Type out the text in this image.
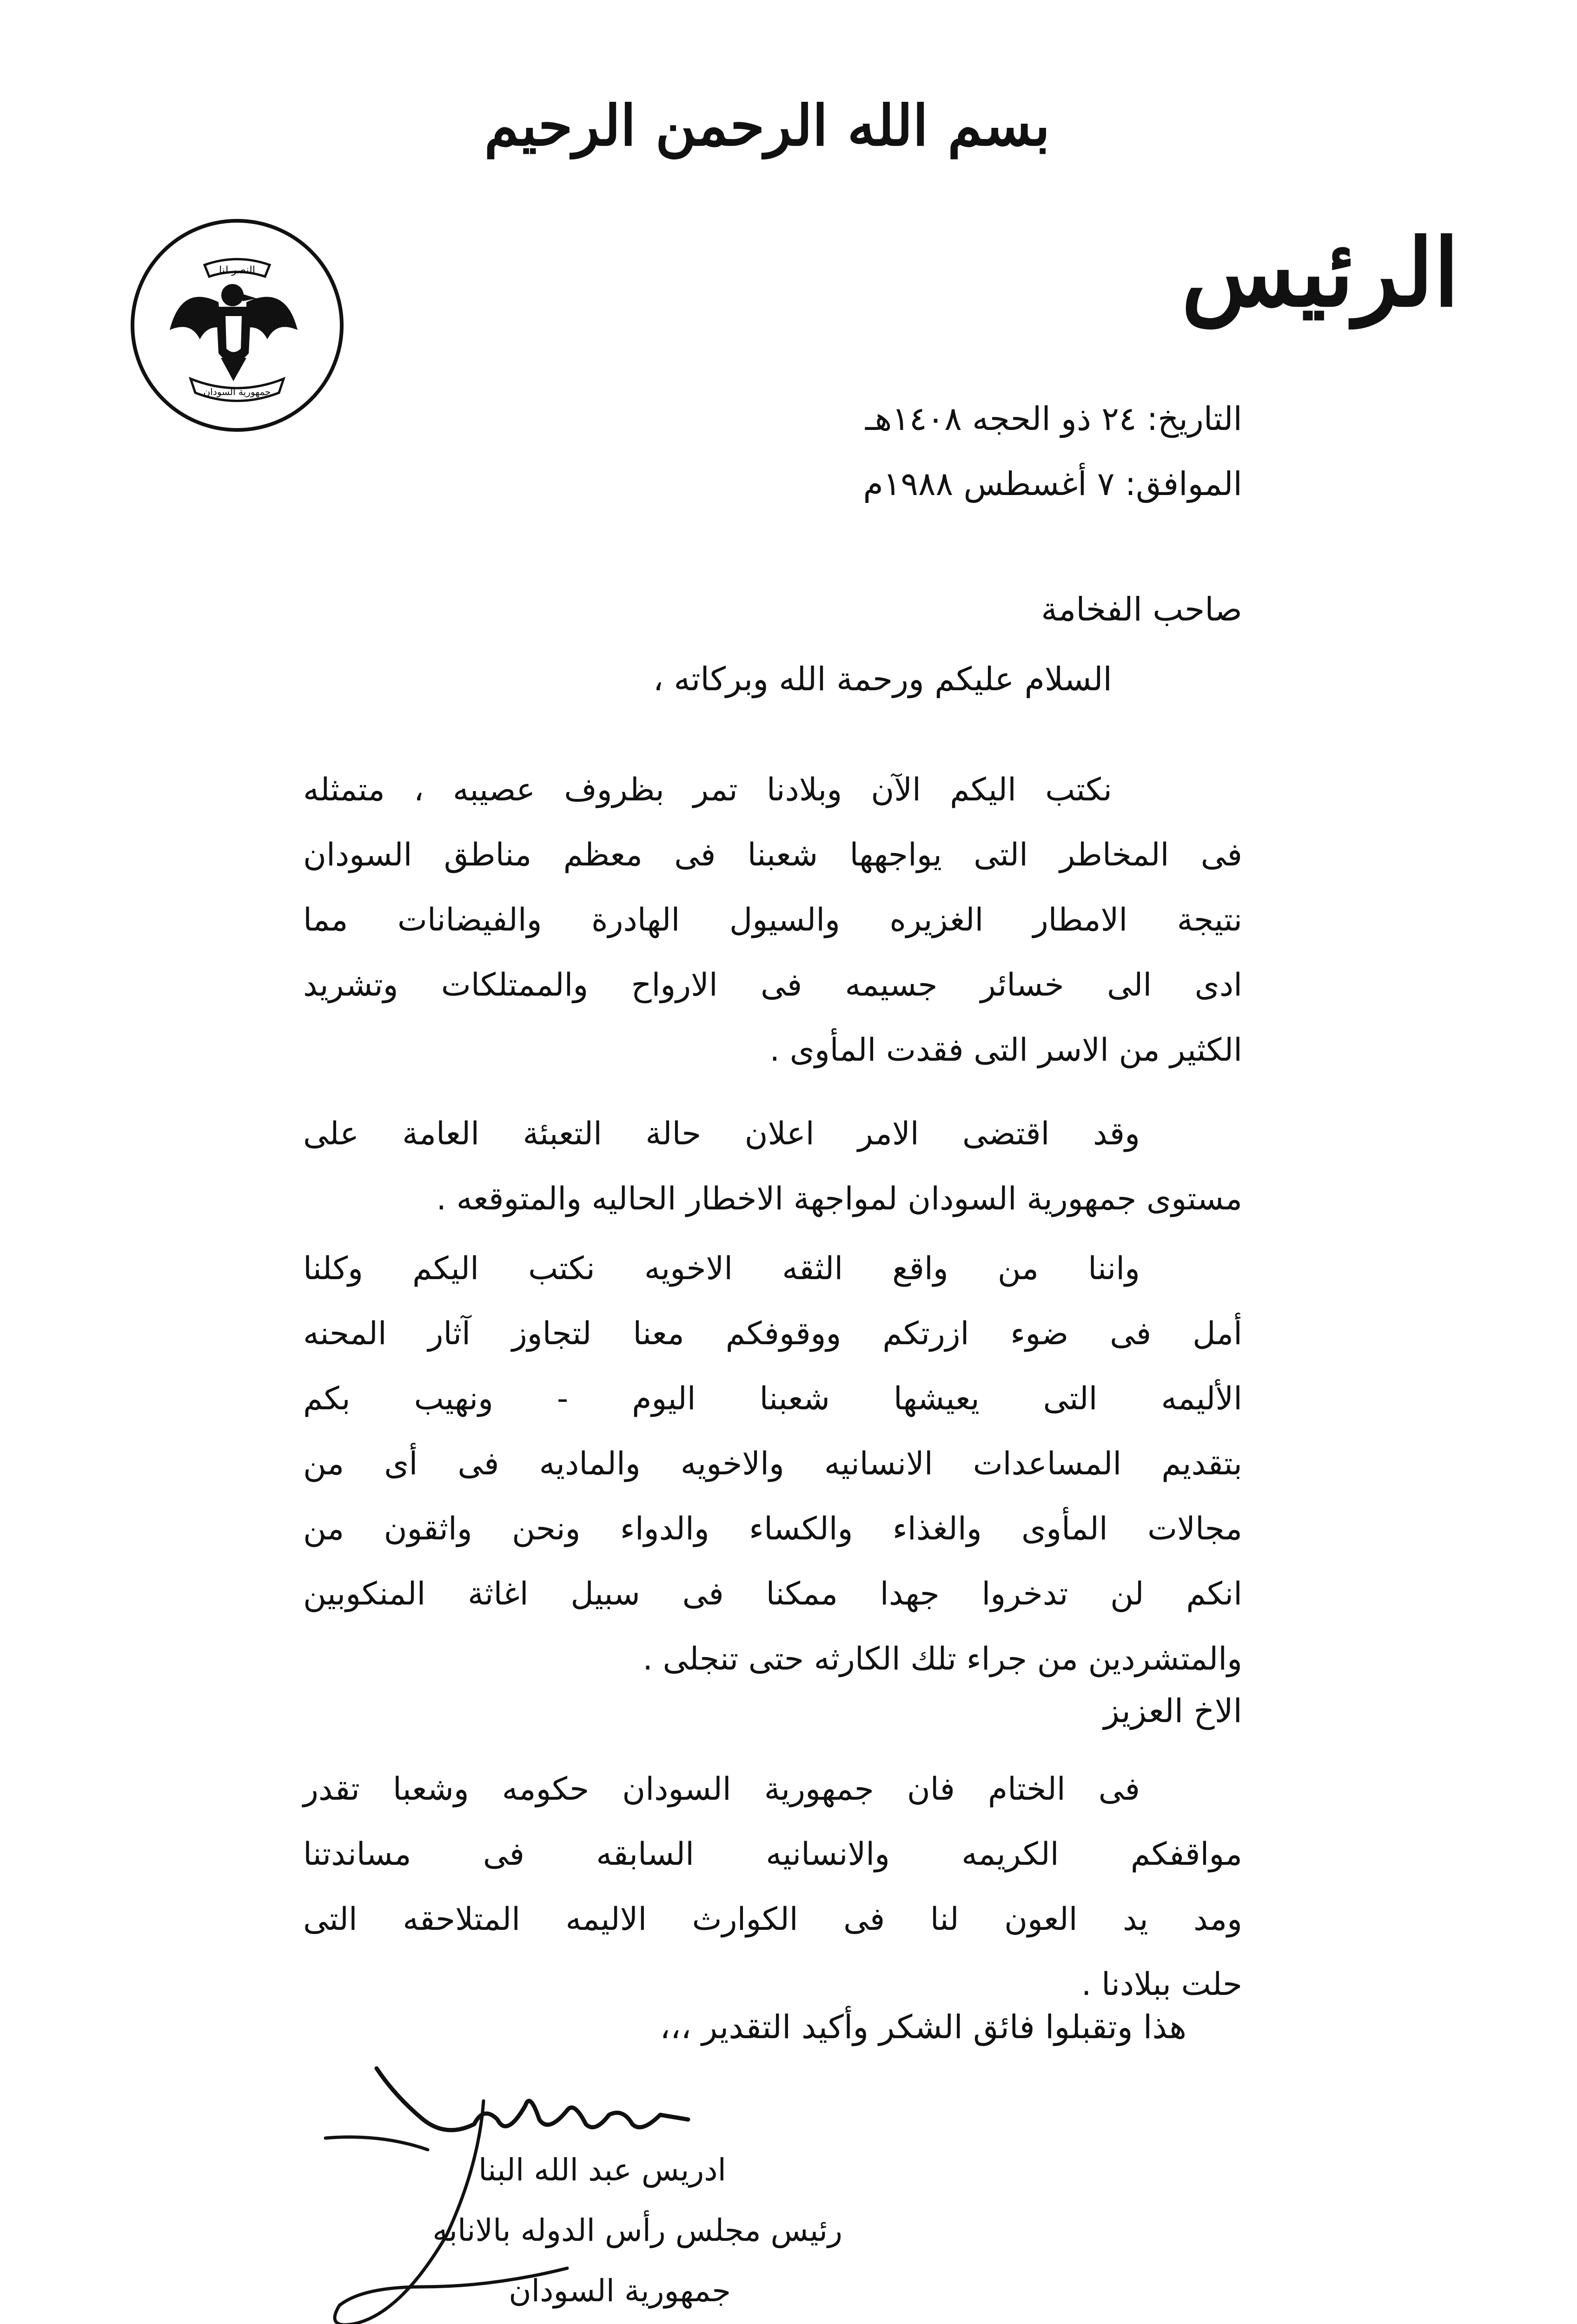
بسم الله الرحمن الرحيم
النصر لنا
جمهورية السودان
الرئيس
التاريخ: ٢٤ ذو الحجه ١٤٠٨هـ
الموافق: ٧ أغسطس ١٩٨٨م
صاحب الفخامة
السلام عليكم ورحمة الله وبركاته ،
نكتب اليكم الآن وبلادنا تمر بظروف عصيبه ، متمثله
فى المخاطر التى يواجهها شعبنا فى معظم مناطق السودان
نتيجة الامطار الغزيره والسيول الهادرة والفيضانات مما
ادى الى خسائر جسيمه فى الارواح والممتلكات وتشريد
الكثير من الاسر التى فقدت المأوى .
وقد اقتضى الامر اعلان حالة التعبئة العامة على
مستوى جمهورية السودان لمواجهة الاخطار الحاليه والمتوقعه .
واننا من واقع الثقه الاخويه نكتب اليكم وكلنا
أمل فى ضوء ازرتكم ووقوفكم معنا لتجاوز آثار المحنه
الأليمه التى يعيشها شعبنا اليوم - ونهيب بكم
بتقديم المساعدات الانسانيه والاخويه والماديه فى أى من
مجالات المأوى والغذاء والكساء والدواء ونحن واثقون من
انكم لن تدخروا جهدا ممكنا فى سبيل اغاثة المنكوبين
والمتشردين من جراء تلك الكارثه حتى تنجلى .
الاخ العزيز
فى الختام فان جمهورية السودان حكومه وشعبا تقدر
مواقفكم الكريمه والانسانيه السابقه فى مساندتنا
ومد يد العون لنا فى الكوارث الاليمه المتلاحقه التى
حلت ببلادنا .
هذا وتقبلوا فائق الشكر وأكيد التقدير ،،،
ادريس عبد الله البنا
رئيس مجلس رأس الدوله بالانابه
جمهورية السودان
